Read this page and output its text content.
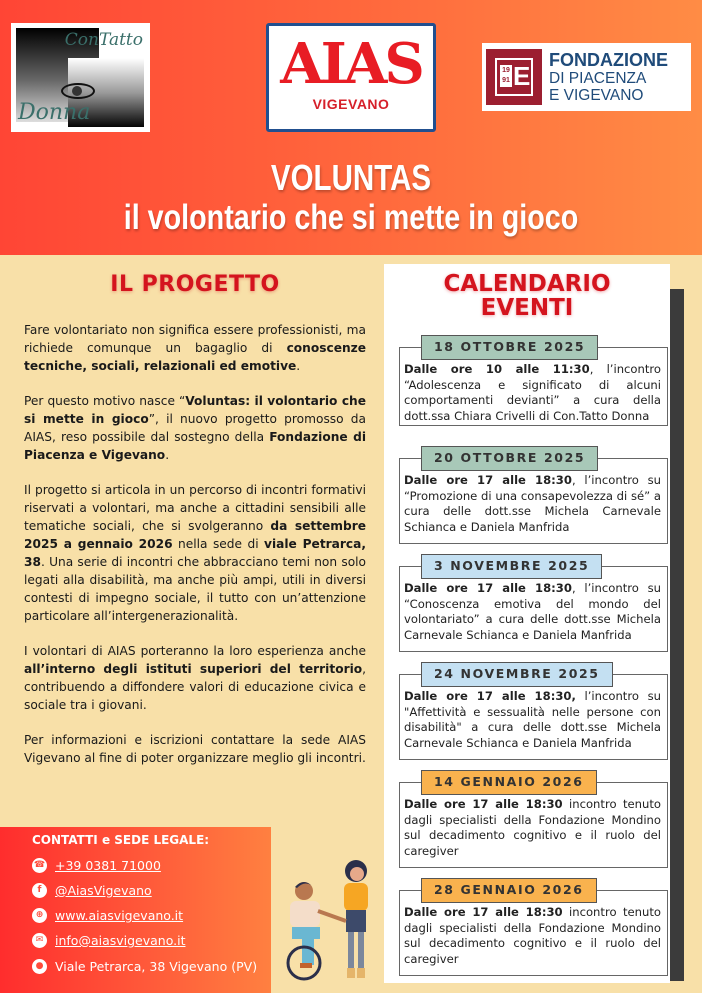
ConTatto
Donna
AIAS
VIGEVANO
19
91 E
FONDAZIONE
DI PIACENZA
E VIGEVANO
VOLUNTAS
il volontario che si mette in gioco
IL PROGETTO

Fare volontariato non significa essere professionisti, ma richiede comunque un bagaglio di conoscenze tecniche, sociali, relazionali ed emotive.

Per questo motivo nasce “Voluntas: il volontario che si mette in gioco”, il nuovo progetto promosso da AIAS, reso possibile dal sostegno della Fondazione di Piacenza e Vigevano.

Il progetto si articola in un percorso di incontri formativi riservati a volontari, ma anche a cittadini sensibili alle tematiche sociali, che si svolgeranno da settembre 2025 a gennaio 2026 nella sede di viale Petrarca, 38. Una serie di incontri che abbracciano temi non solo legati alla disabilità, ma anche più ampi, utili in diversi contesti di impegno sociale, il tutto con un’attenzione particolare all’intergenerazionalità.

I volontari di AIAS porteranno la loro esperienza anche all’interno degli istituti superiori del territorio, contribuendo a diffondere valori di educazione civica e sociale tra i giovani.

Per informazioni e iscrizioni contattare la sede AIAS Vigevano al fine di poter organizzare meglio gli incontri.

CONTATTI e SEDE LEGALE:
☎ +39 0381 71000
f	@AiasVigevano
⊕ www.aiasvigevano.it
✉ info@aiasvigevano.it
● Viale Petrarca, 38 Vigevano (PV)
CALENDARIO
EVENTI
18 OTTOBRE 2025
Dalle ore 10 alle 11:30, l’incontro “Adolescenza e significato di alcuni comportamenti devianti” a cura della dott.ssa Chiara Crivelli di Con.Tatto Donna
20 OTTOBRE 2025
Dalle ore 17 alle 18:30, l’incontro su “Promozione di una consapevolezza di sé” a cura delle dott.sse Michela Carnevale Schianca e Daniela Manfrida
3 NOVEMBRE 2025
Dalle ore 17 alle 18:30, l’incontro su “Conoscenza emotiva del mondo del volontariato” a cura delle dott.sse Michela Carnevale Schianca e Daniela Manfrida
24 NOVEMBRE 2025
Dalle ore 17 alle 18:30, l’incontro su "Affettività e sessualità nelle persone con disabilità" a cura delle dott.sse Michela Carnevale Schianca e Daniela Manfrida
14 GENNAIO 2026
Dalle ore 17 alle 18:30 incontro tenuto dagli specialisti della Fondazione Mondino sul decadimento cognitivo e il ruolo del caregiver
28 GENNAIO 2026
Dalle ore 17 alle 18:30 incontro tenuto dagli specialisti della Fondazione Mondino sul decadimento cognitivo e il ruolo del caregiver
